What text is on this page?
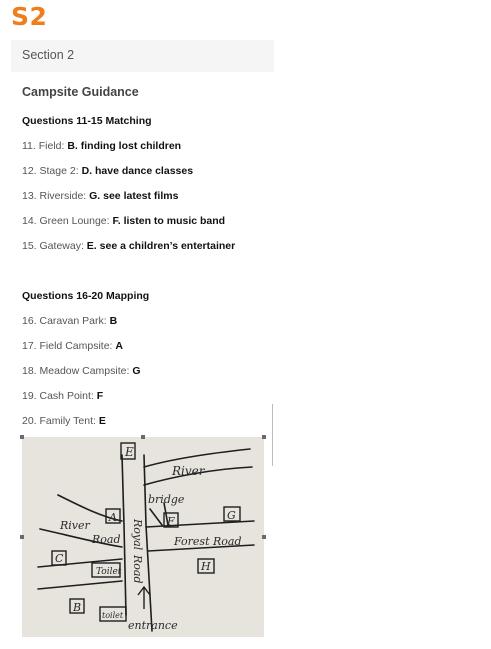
S2
Section 2
Campsite Guidance
Questions 11-15 Matching
11. Field: B. finding lost children
12. Stage 2: D. have dance classes
13. Riverside: G. see latest films
14. Green Lounge: F. listen to music band
15. Gateway: E. see a children’s entertainer
Questions 16-20 Mapping
16. Caravan Park: B
17. Field Campsite: A
18. Meadow Campsite: G
19. Cash Point: F
20. Family Tent: E
E
A	F	G
C
H
B
River
bridge
River
Road	Forest Road
Toilet
toilet
entrance
Royal
Road
